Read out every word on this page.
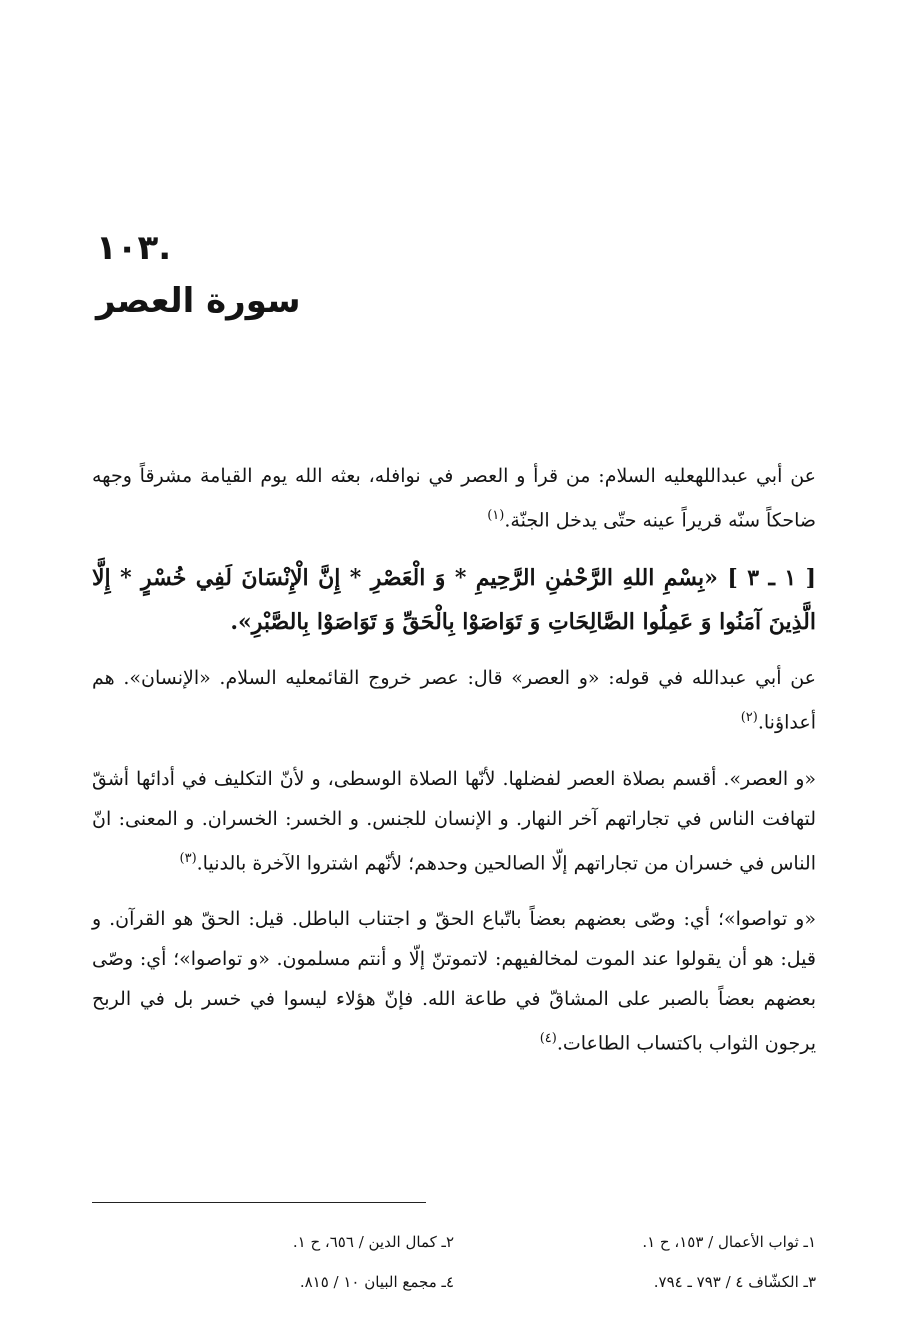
.١٠٣
سورة العصر

عن أبي عبداللهعليه السلام: من قرأ و العصر في نوافله، بعثه الله يوم القيامة مشرقاً وجهه ضاحكاً سنّه قريراً عينه حتّى يدخل الجنّة.$^{(١)}$

[ ١ ـ ٣ ] «بِسْمِ اللهِ الرَّحْمٰنِ الرَّحِيمِ * وَ الْعَصْرِ * إِنَّ الْإِنْسَانَ لَفِي خُسْرٍ * إِلَّا الَّذِينَ آمَنُوا وَ عَمِلُوا الصَّالِحَاتِ وَ تَوَاصَوْا بِالْحَقِّ وَ تَوَاصَوْا بِالصَّبْرِ».

عن أبي عبدالله في قوله: «و العصر» قال: عصر خروج القائمعليه السلام. «الإنسان». هم أعداؤنا.$^{(٢)}$

«و العصر». أقسم بصلاة العصر لفضلها. لأنّها الصلاة الوسطى، و لأنّ التكليف في أدائها أشقّ لتهافت الناس في تجاراتهم آخر النهار. و الإنسان للجنس. و الخسر: الخسران. و المعنى: انّ الناس في خسران من تجاراتهم إلّا الصالحين وحدهم؛ لأنّهم اشتروا الآخرة بالدنيا.$^{(٣)}$

«و تواصوا»؛ أي: وصّى بعضهم بعضاً باتّباع الحقّ و اجتناب الباطل. قيل: الحقّ هو القرآن. و قيل: هو أن يقولوا عند الموت لمخالفيهم: لاتموتنّ إلّا و أنتم مسلمون. «و تواصوا»؛ أي: وصّى بعضهم بعضاً بالصبر على المشاقّ في طاعة الله. فإنّ هؤلاء ليسوا في خسر بل في الربح يرجون الثواب باكتساب الطاعات.$^{(٤)}$

١ـ ثواب الأعمال / ١٥٣، ح ١.
٢ـ كمال الدين / ٦٥٦، ح ١.
٣ـ الكشّاف ٤ / ٧٩٣ ـ ٧٩٤.
٤ـ مجمع البيان ١٠ / ٨١٥.
